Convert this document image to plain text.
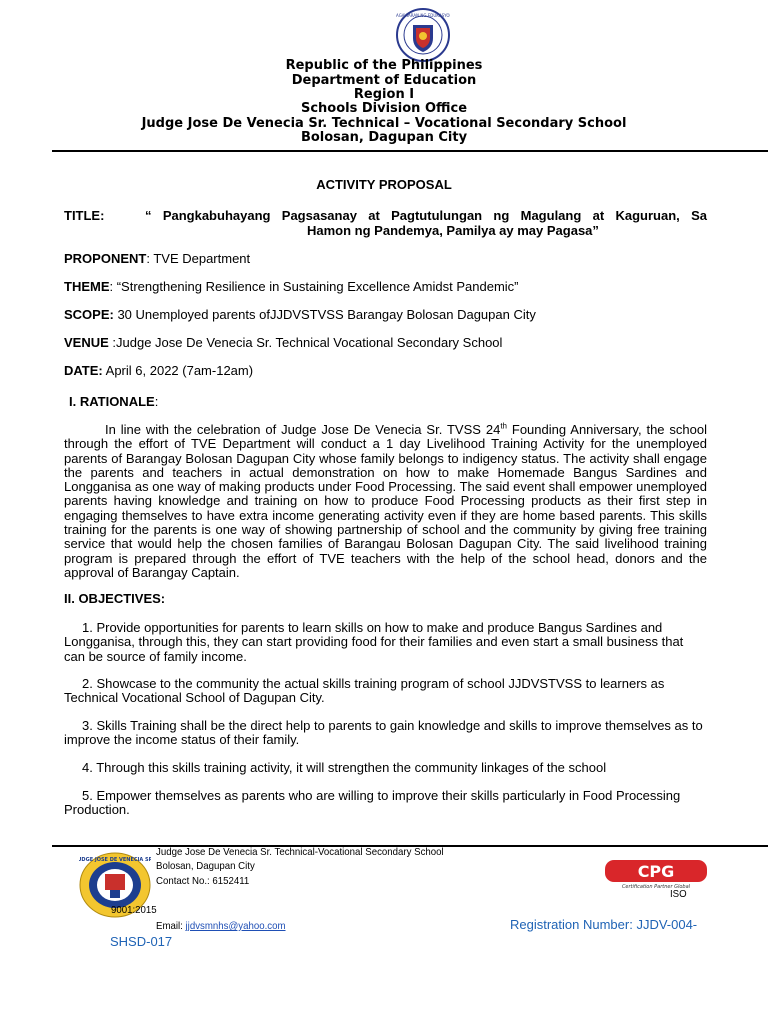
KAGAWARAN NG EDUKASYON
Republic of the Philippines
Department of Education
Region I
Schools Division Office
Judge Jose De Venecia Sr. Technical – Vocational Secondary School
Bolosan, Dagupan City
ACTIVITY PROPOSAL
TITLE:	“ Pangkabuhayang Pagsasanay at Pagtutulungan ng Magulang at Kaguruan, Sa
Hamon ng Pandemya, Pamilya ay may Pagasa”
PROPONENT: TVE Department
THEME: “Strengthening Resilience in Sustaining Excellence Amidst Pandemic”
SCOPE: 30 Unemployed parents ofJJDVSTVSS Barangay Bolosan Dagupan City
VENUE :Judge Jose De Venecia Sr. Technical Vocational Secondary School
DATE: April 6, 2022 (7am-12am)
I. RATIONALE:
In line with the celebration of Judge Jose De Venecia Sr. TVSS 24th Founding Anniversary, the school through the effort of TVE Department will conduct a 1 day Livelihood Training Activity for the unemployed parents of Barangay Bolosan Dagupan City whose family belongs to indigency status. The activity shall engage the parents and teachers in actual demonstration on how to make Homemade Bangus Sardines and Longganisa as one way of making products under Food Processing. The said event shall empower unemployed parents having knowledge and training on how to produce Food Processing products as their first step in engaging themselves to have extra income generating activity even if they are home based parents. This skills training for the parents is one way of showing partnership of school and the community by giving free training service that would help the chosen families of Barangau Bolosan Dagupan City. The said livelihood training program is prepared through the effort of TVE teachers with the help of the school head, donors and the approval of Barangay Captain.
II. OBJECTIVES:
1. Provide opportunities for parents to learn skills on how to make and produce Bangus Sardines and Longganisa, through this, they can start providing food for their families and even start a small business that can be source of family income.
2. Showcase to the community the actual skills training program of school JJDVSTVSS to learners as Technical Vocational School of Dagupan City.
3. Skills Training shall be the direct help to parents to gain knowledge and skills to improve themselves as to improve the income status of their family.
4. Through this skills training activity, it will strengthen the community linkages of the school
5. Empower themselves as parents who are willing to improve their skills particularly in Food Processing Production.
JUDGE JOSE DE VENECIA SR.
Judge Jose De Venecia Sr. Technical-Vocational Secondary School
Bolosan, Dagupan City
Contact No.: 6152411
9001:2015
Email: jjdvsmnhs@yahoo.com	Registration Number: JJDV-004-
SHSD-017
CPG
Certification Partner Global
ISO
